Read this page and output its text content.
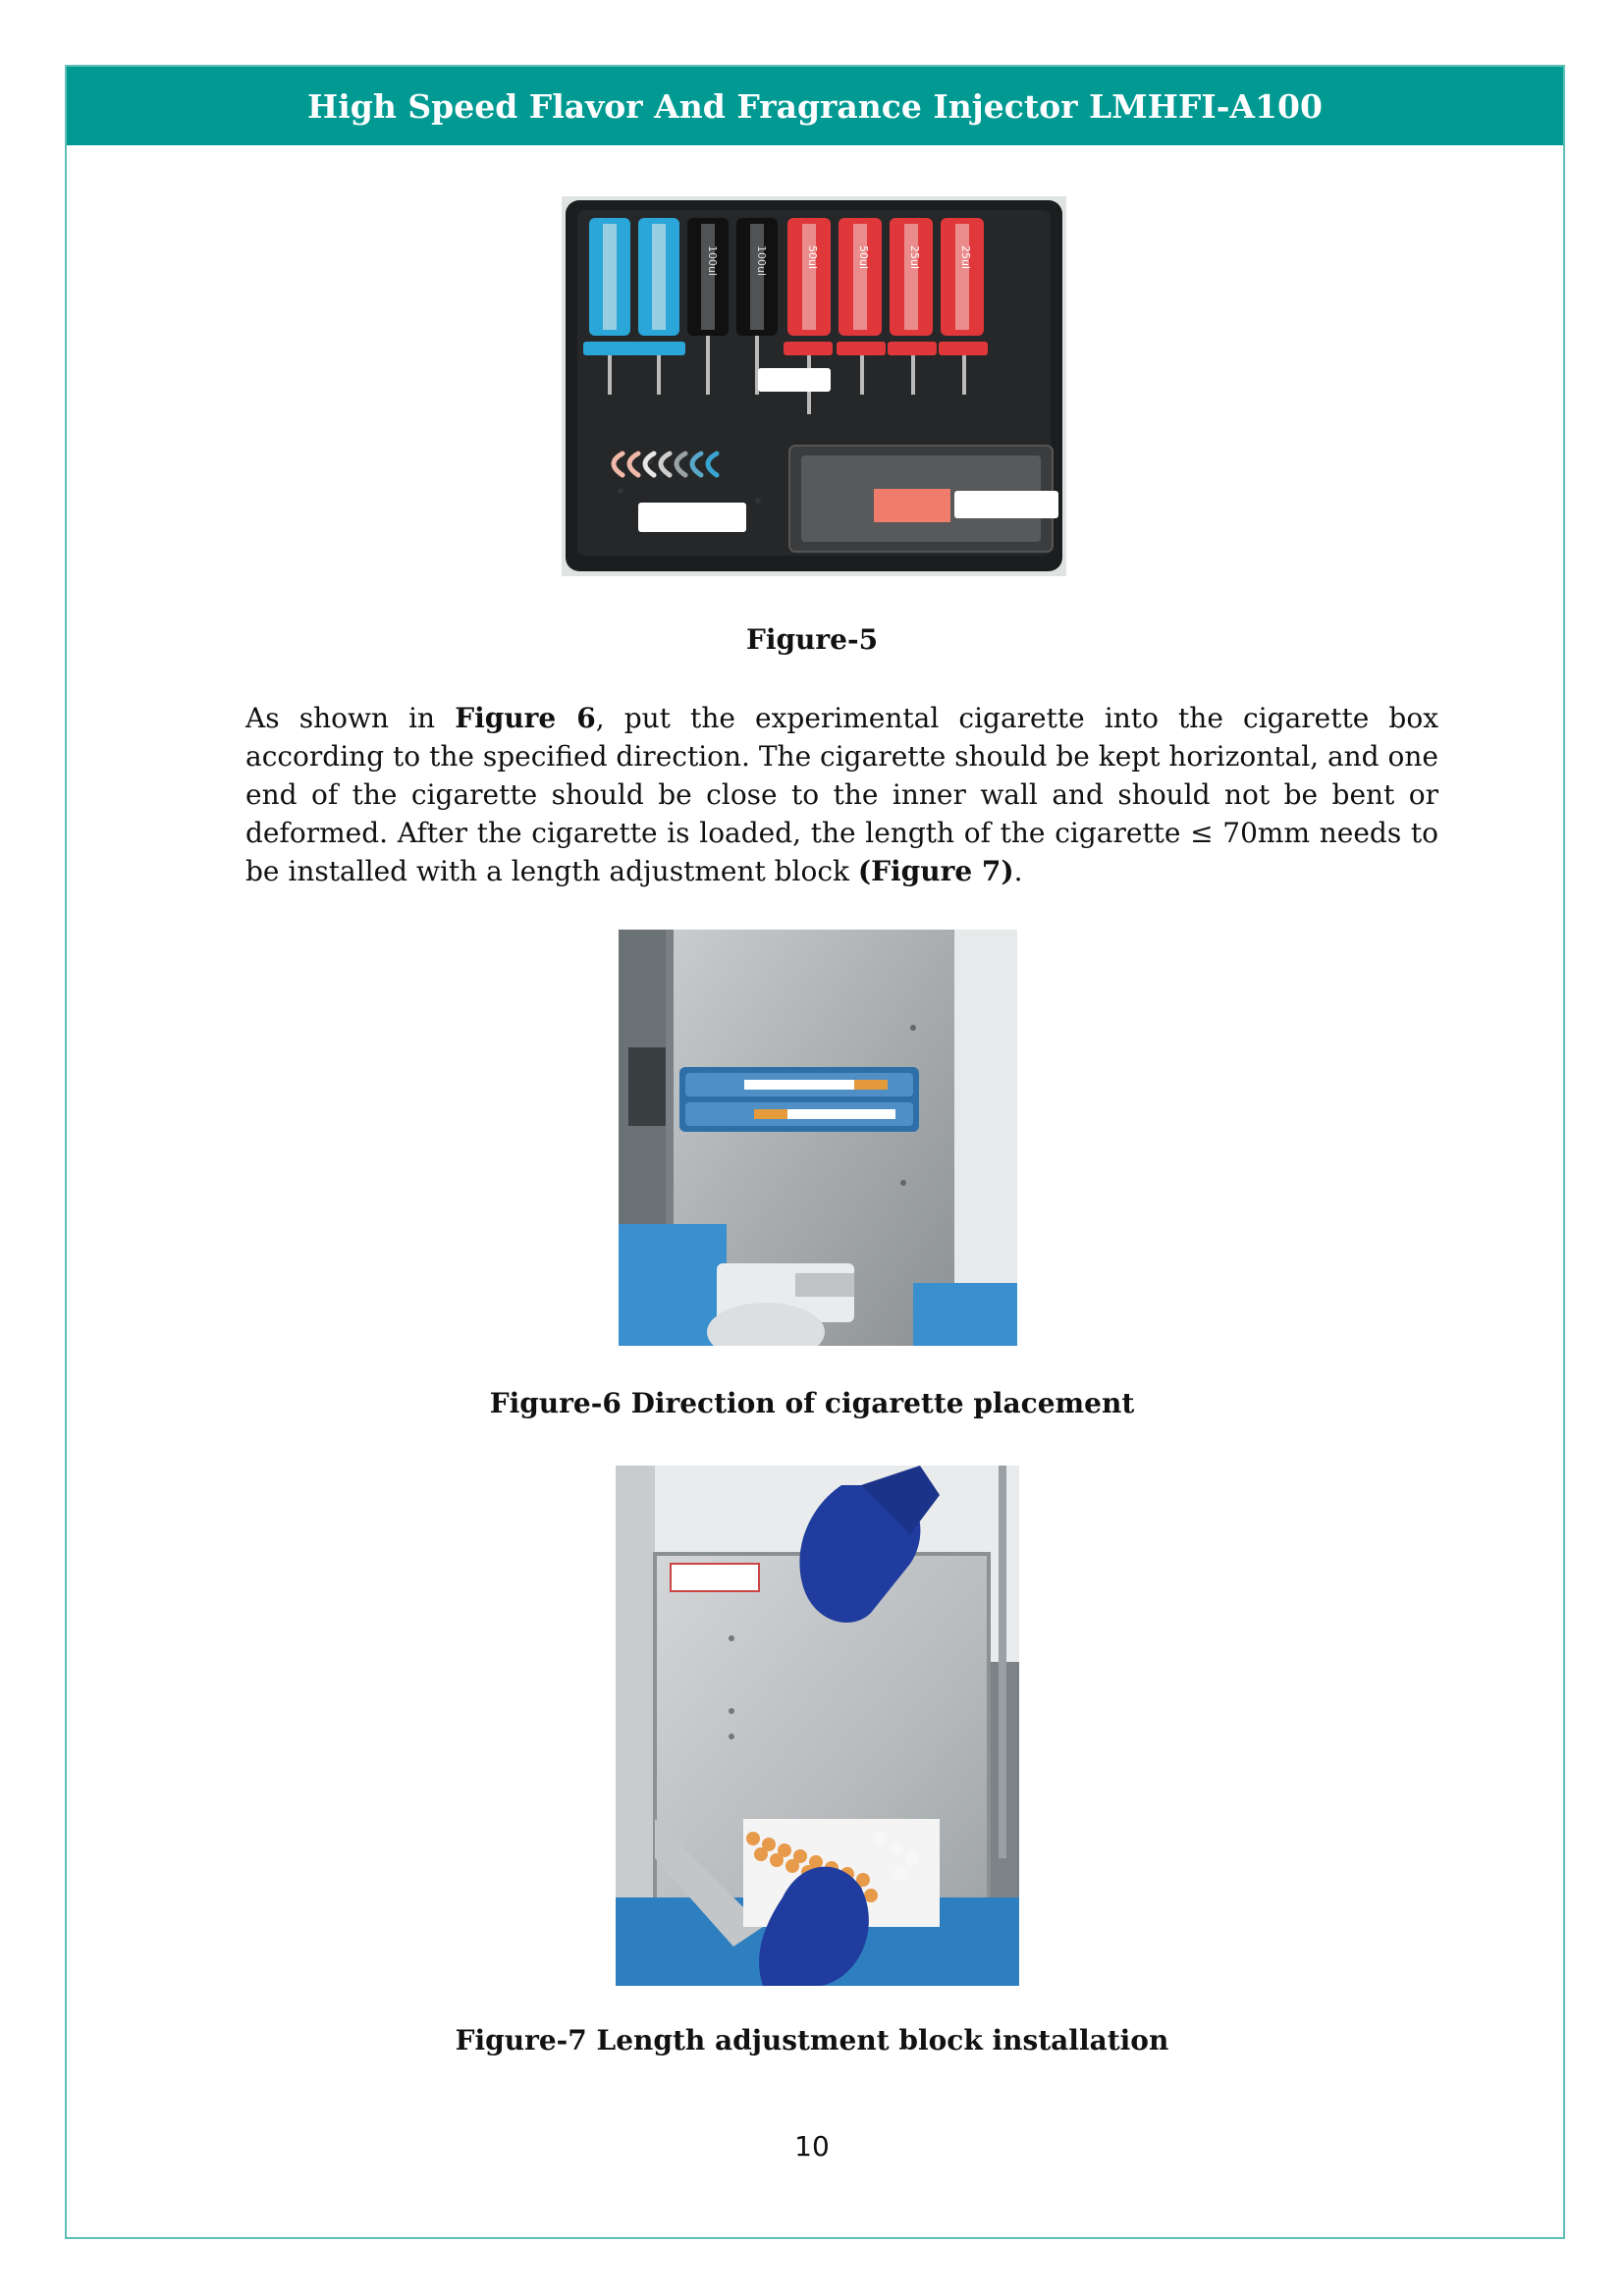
High Speed Flavor And Fragrance Injector LMHFI-A100
100ul	100ul	50ul	50ul	25ul	25ul
Figure-5
As shown in Figure 6, put the experimental cigarette into the cigarette box according to the specified direction. The cigarette should be kept horizontal, and one end of the cigarette should be close to the inner wall and should not be bent or deformed. After the cigarette is loaded, the length of the cigarette ≤ 70mm needs to be installed with a length adjustment block (Figure 7).
Figure-6 Direction of cigarette placement
Figure-7 Length adjustment block installation
10
